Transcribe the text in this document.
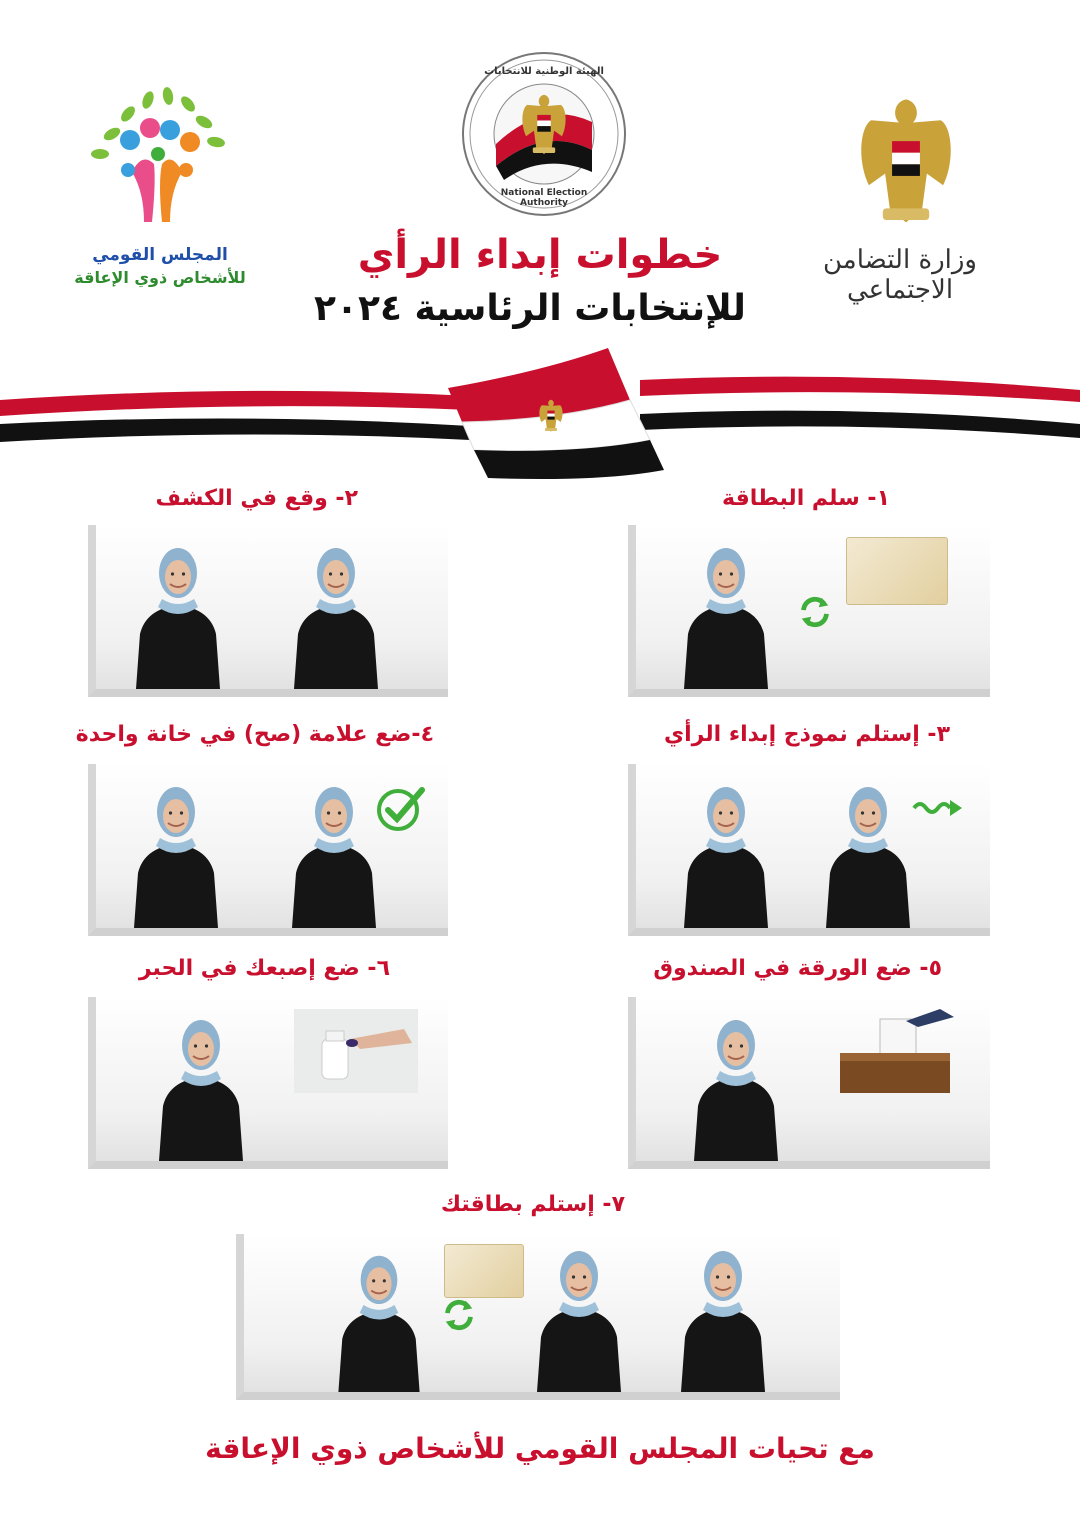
وزارة التضامن الاجتماعي
الهيئة الوطنية للانتخابات
National Election Authority
المجلس القومي
للأشخاص ذوي الإعاقة	خطوات إبداء الرأي
للإنتخابات الرئاسية ٢٠٢٤
١- سلم البطاقة
٢- وقع في الكشف
٣- إستلم نموذج إبداء الرأي
٤-ضع علامة (صح) في خانة واحدة
٥- ضع الورقة في الصندوق
٦- ضع إصبعك في الحبر
٧- إستلم بطاقتك
مع تحيات المجلس القومي للأشخاص ذوي الإعاقة
